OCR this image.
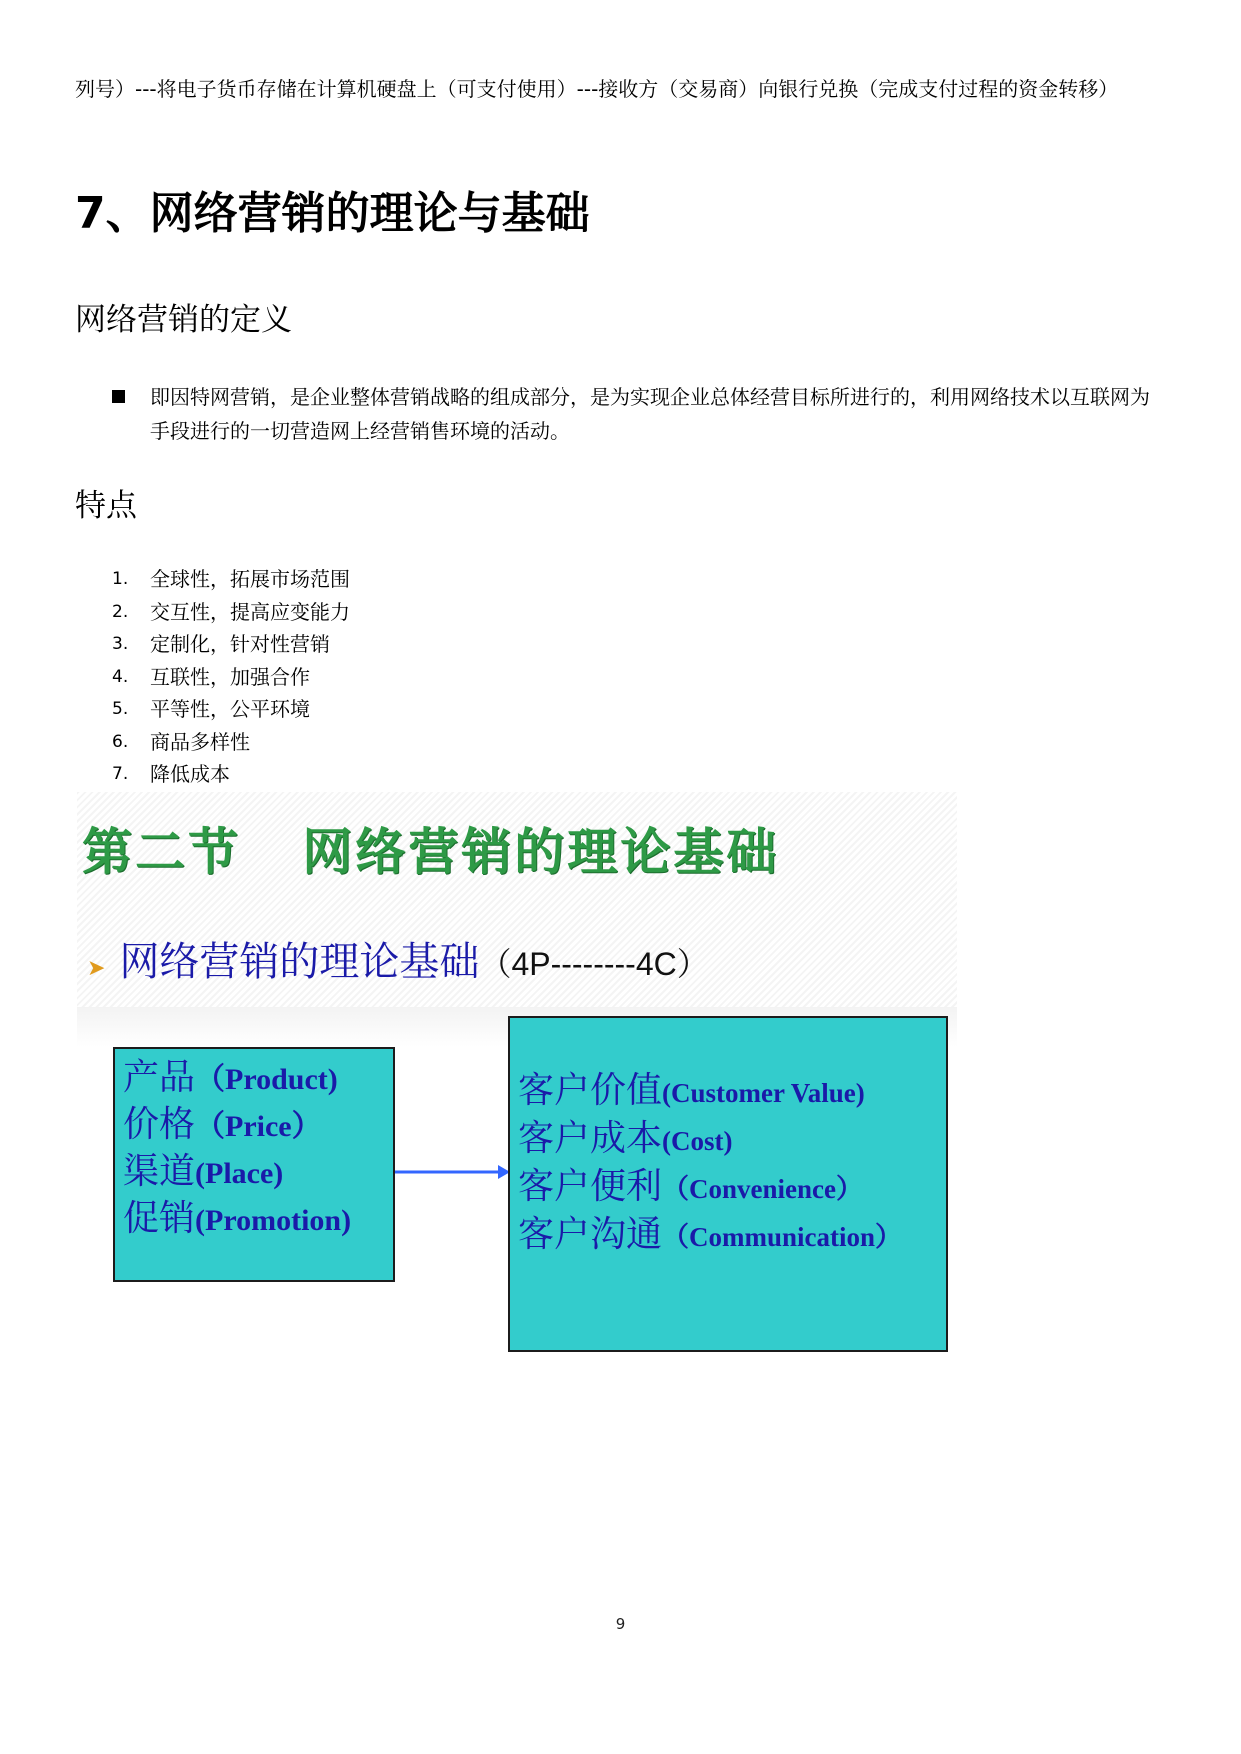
列号）---将电子货币存储在计算机硬盘上（可支付使用）---接收方（交易商）向银行兑换（完成支付过程的资金转移）

7、网络营销的理论与基础
网络营销的定义
即因特网营销，是企业整体营销战略的组成部分，是为实现企业总体经营目标所进行的，利用网络技术以互联网为手段进行的一切营造网上经营销售环境的活动。
特点
1.	全球性，拓展市场范围
2.	交互性，提高应变能力
3.	定制化，针对性营销
4.	互联性，加强合作
5.	平等性，公平环境
6.	商品多样性
7.	降低成本
第二节   网络营销的理论基础
➤ 网络营销的理论基础 （4P--------4C）
产品（Product)
价格（Price）
渠道(Place)
促销(Promotion)
客户价值(Customer Value)
客户成本(Cost)
客户便利（Convenience）
客户沟通（Communication）
9
